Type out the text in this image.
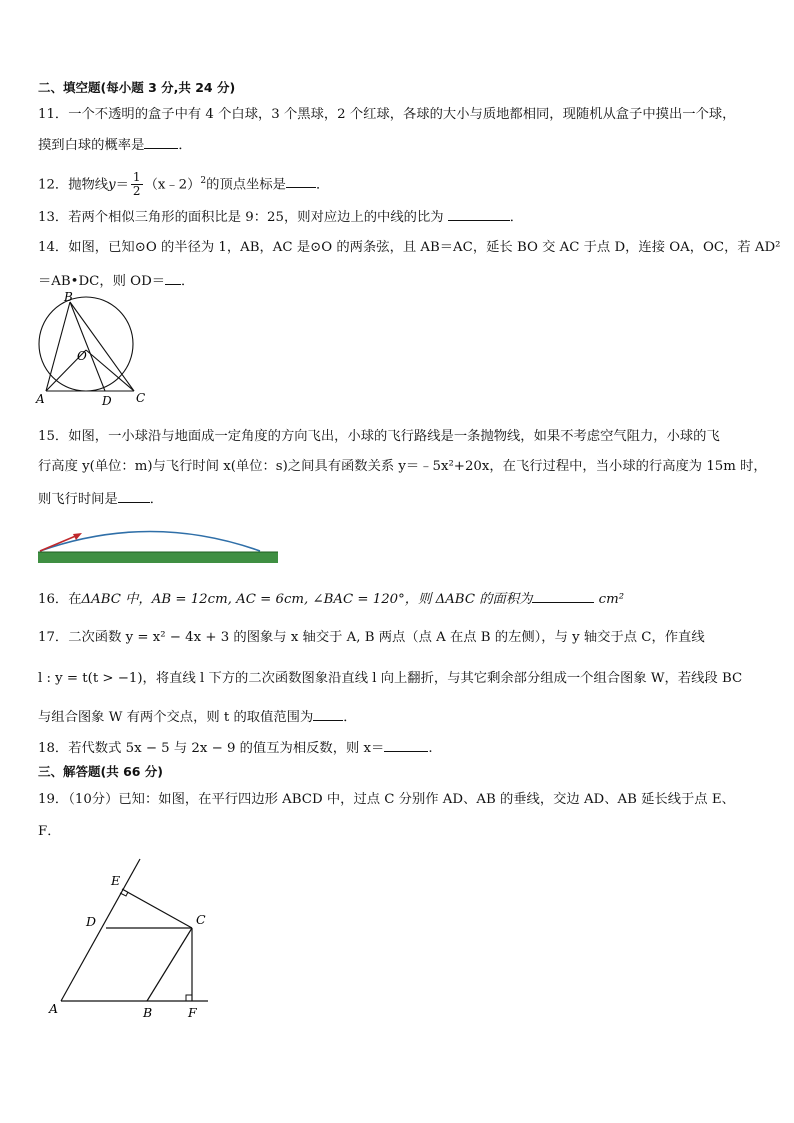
二、填空题(每小题 3 分,共 24 分)
11．一个不透明的盒子中有 4 个白球，3 个黑球，2 个红球，各球的大小与质地都相同，现随机从盒子中摸出一个球，
摸到白球的概率是	．
12．抛物线$y= \frac{1}{2}$ （x﹣2）$^2$的顶点坐标是 ．
13．若两个相似三角形的面积比是 9：25，则对应边上的中线的比为	．
14．如图，已知⊙O 的半径为 1，AB，AC 是⊙O 的两条弦，且 AB＝AC，延长 BO 交 AC 于点 D，连接 OA，OC，若 AD²
＝AB•DC，则 OD＝ ．
B
O
A	D C
15．如图，一小球沿与地面成一定角度的方向飞出，小球的飞行路线是一条抛物线，如果不考虑空气阻力，小球的飞
行高度 y(单位：m)与飞行时间 x(单位：s)之间具有函数关系 y＝﹣5x²+20x，在飞行过程中，当小球的行高度为 15m 时，
则飞行时间是 ．
16．在ΔABC 中，AB = 12cm, AC = 6cm, ∠BAC = 120°，则 ΔABC 的面积为	cm²
17．二次函数 y = x² − 4x + 3 的图象与 x 轴交于 A, B 两点（点 A 在点 B 的左侧），与 y 轴交于点 C，作直线
l : y = t(t > −1)，将直线 l 下方的二次函数图象沿直线 l 向上翻折，与其它剩余部分组成一个组合图象 W，若线段 BC
与组合图象 W 有两个交点，则 t 的取值范围为 ．
18．若代数式 5x − 5 与 2x − 9 的值互为相反数，则 x＝	.
三、解答题(共 66 分)
19．（10分）已知：如图，在平行四边形 ABCD 中，过点 C 分别作 AD、AB 的垂线，交边 AD、AB 延长线于点 E、
F．
E
D	C
A	B	F
